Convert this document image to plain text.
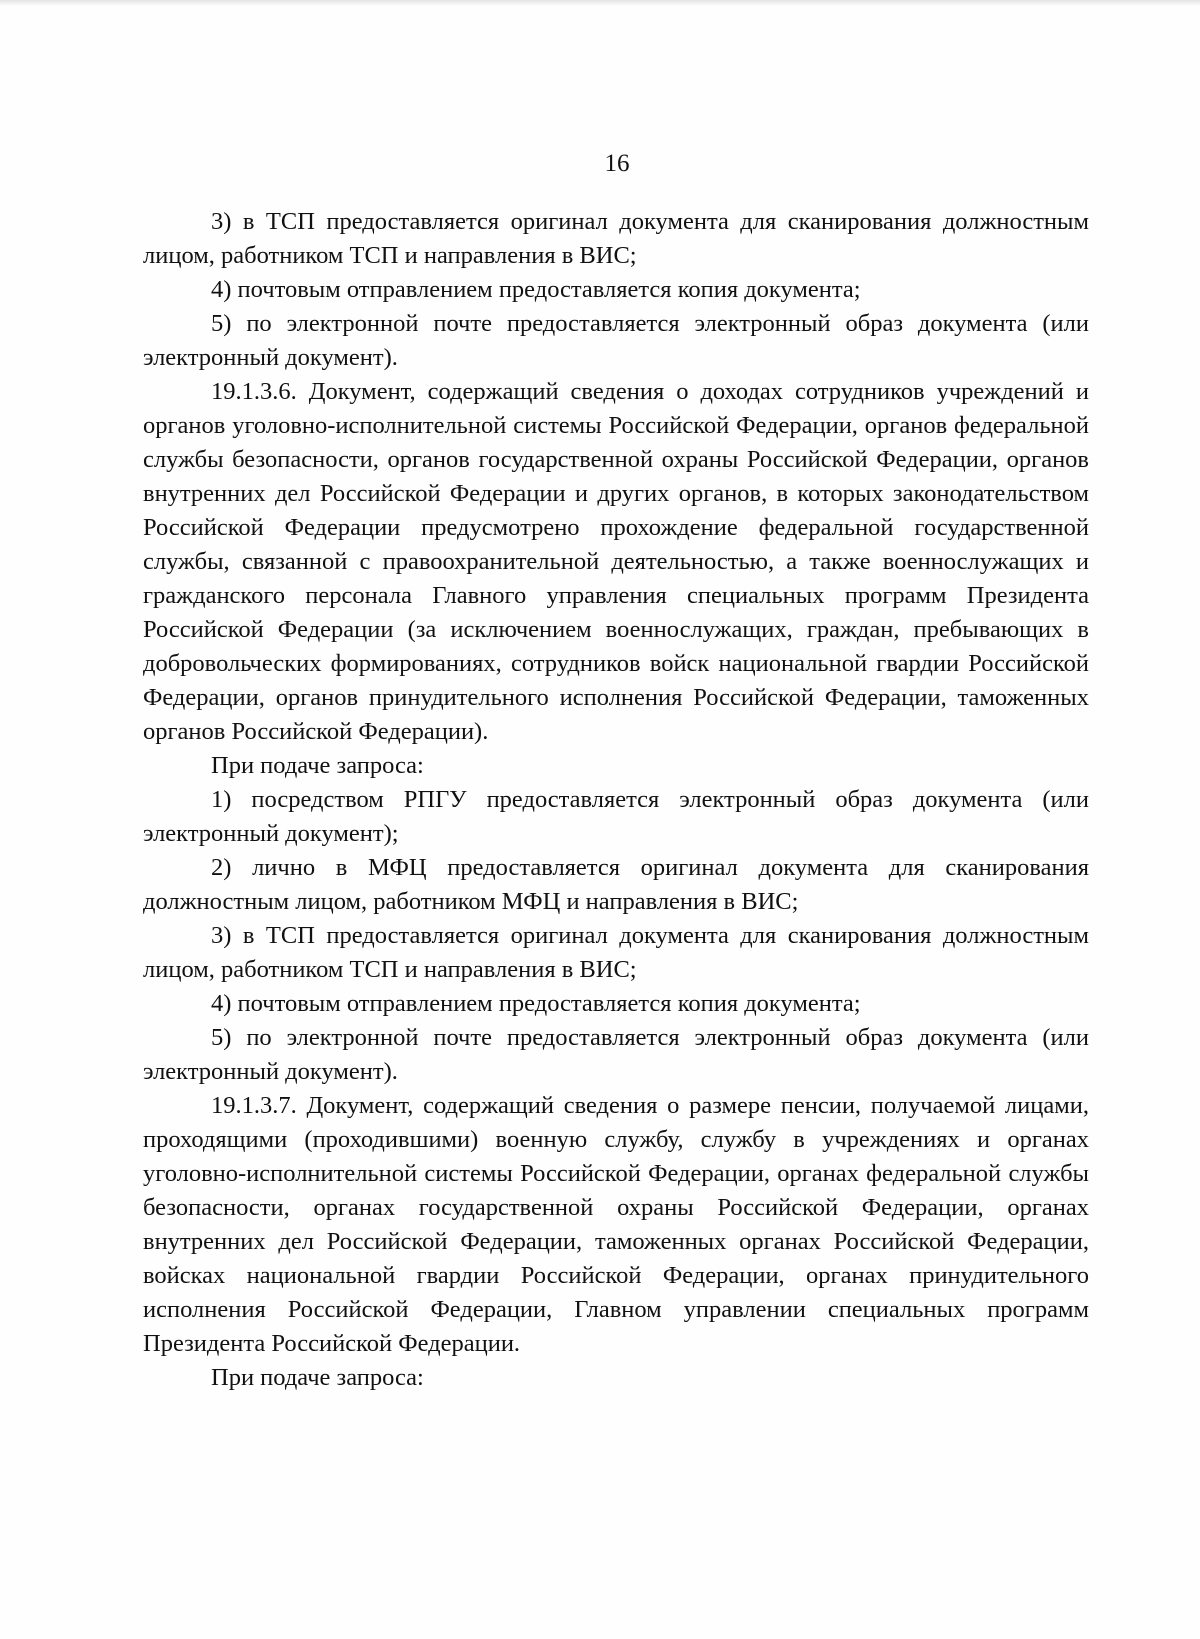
16

3) в ТСП предоставляется оригинал документа для сканирования должностным лицом, работником ТСП и направления в ВИС;

4) почтовым отправлением предоставляется копия документа;

5) по электронной почте предоставляется электронный образ документа (или электронный документ).

19.1.3.6. Документ, содержащий сведения о доходах сотрудников учреждений и органов уголовно-исполнительной системы Российской Федерации, органов федеральной службы безопасности, органов государственной охраны Российской Федерации, органов внутренних дел Российской Федерации и других органов, в которых законодательством Российской Федерации предусмотрено прохождение федеральной государственной службы, связанной с правоохранительной деятельностью, а также военнослужащих и гражданского персонала Главного управления специальных программ Президента Российской Федерации (за исключением военнослужащих, граждан, пребывающих в добровольческих формированиях, сотрудников войск национальной гвардии Российской Федерации, органов принудительного исполнения Российской Федерации, таможенных органов Российской Федерации).

При подаче запроса:

1) посредством РПГУ предоставляется электронный образ документа (или электронный документ);

2) лично в МФЦ предоставляется оригинал документа для сканирования должностным лицом, работником МФЦ и направления в ВИС;

3) в ТСП предоставляется оригинал документа для сканирования должностным лицом, работником ТСП и направления в ВИС;

4) почтовым отправлением предоставляется копия документа;

5) по электронной почте предоставляется электронный образ документа (или электронный документ).

19.1.3.7. Документ, содержащий сведения о размере пенсии, получаемой лицами, проходящими (проходившими) военную службу, службу в учреждениях и органах уголовно-исполнительной системы Российской Федерации, органах федеральной службы безопасности, органах государственной охраны Российской Федерации, органах внутренних дел Российской Федерации, таможенных органах Российской Федерации, войсках национальной гвардии Российской Федерации, органах принудительного исполнения Российской Федерации, Главном управлении специальных программ Президента Российской Федерации.

При подаче запроса:
